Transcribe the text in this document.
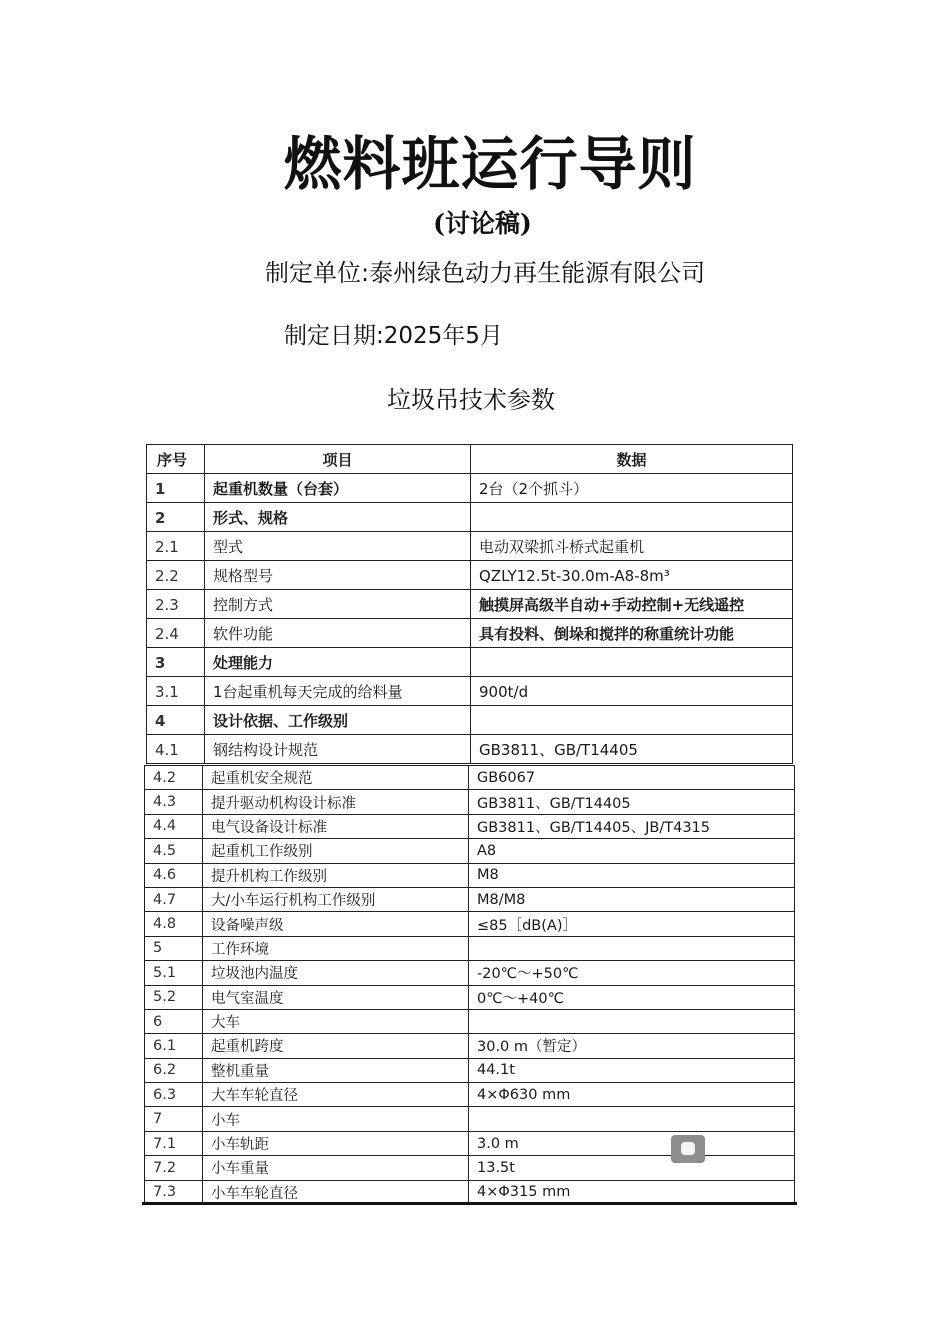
燃料班运行导则
(讨论稿)
制定单位:泰州绿色动力再生能源有限公司
制定日期:2025年5月
垃圾吊技术参数
序号	项目	数据
1	起重机数量（台套）	2台（2个抓斗）
2	形式、规格	
2.1	型式	电动双梁抓斗桥式起重机
2.2	规格型号	QZLY12.5t-30.0m-A8-8m³
2.3	控制方式	触摸屏高级半自动+手动控制+无线遥控
2.4	软件功能	具有投料、倒垛和搅拌的称重统计功能
3	处理能力	
3.1	1台起重机每天完成的给料量	900t/d
4	设计依据、工作级别	
4.1	钢结构设计规范	GB3811、GB/T14405
4.2	起重机安全规范	GB6067
4.3	提升驱动机构设计标准	GB3811、GB/T14405
4.4	电气设备设计标准	GB3811、GB/T14405、JB/T4315
4.5	起重机工作级别	A8
4.6	提升机构工作级别	M8
4.7	大/小车运行机构工作级别	M8/M8
4.8	设备噪声级	≤85［dB(A)］
5	工作环境	
5.1	垃圾池内温度	-20℃～+50℃
5.2	电气室温度	0℃～+40℃
6	大车	
6.1	起重机跨度	30.0 m（暂定）
6.2	整机重量	44.1t
6.3	大车车轮直径	4×Φ630 mm
7	小车	
7.1	小车轨距	3.0 m
7.2	小车重量	13.5t
7.3	小车车轮直径	4×Φ315 mm
